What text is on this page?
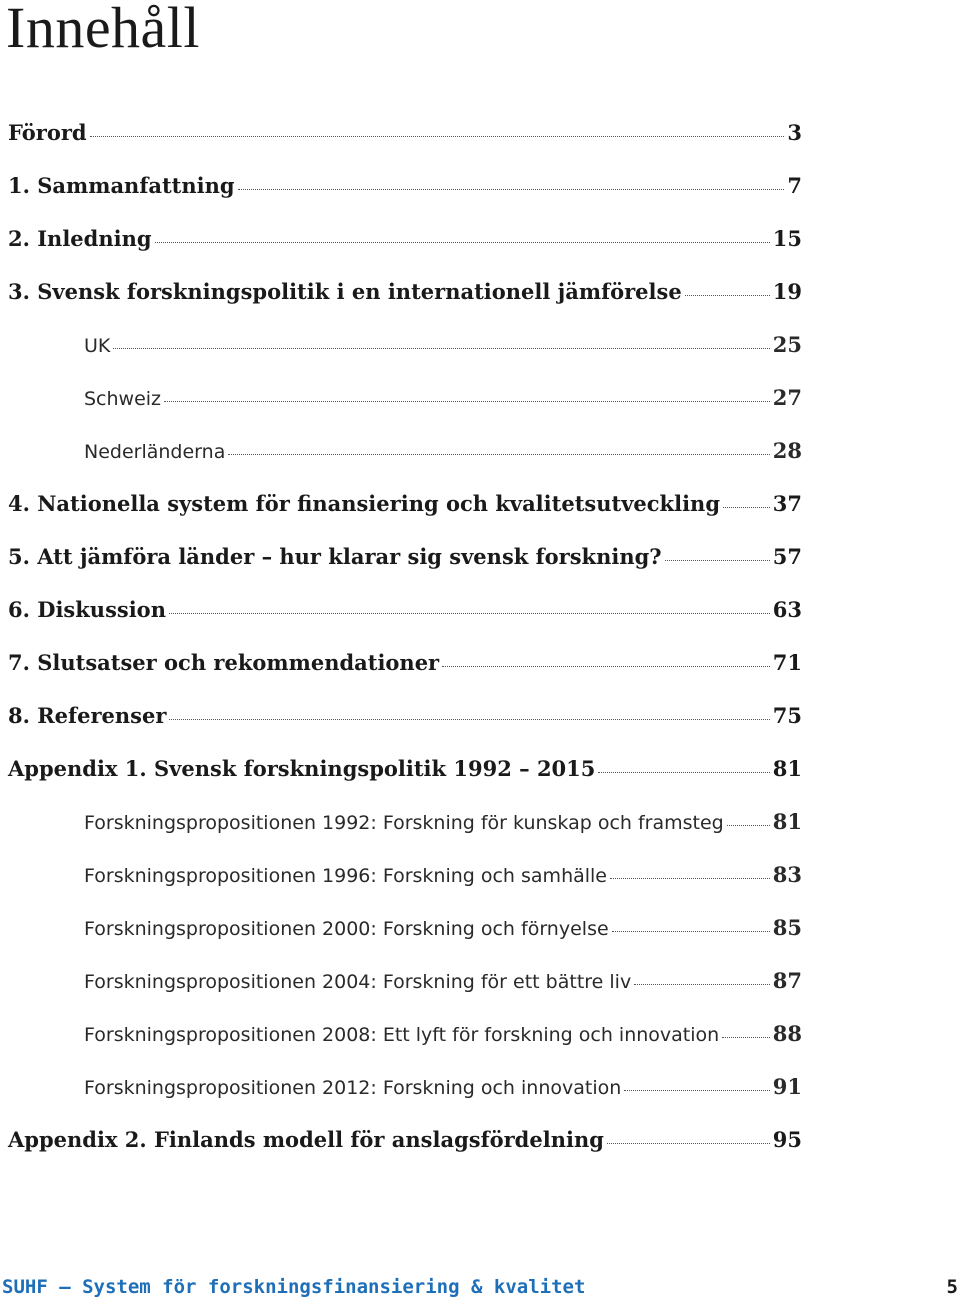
Innehåll
Förord	3
1. Sammanfattning	7
2. Inledning	15
3. Svensk forskningspolitik i en internationell jämförelse	19
UK	25
Schweiz	27
Nederländerna	28
4. Nationella system för finansiering och kvalitetsutveckling	37
5. Att jämföra länder – hur klarar sig svensk forskning?	57
6. Diskussion	63
7. Slutsatser och rekommendationer	71
8. Referenser	75
Appendix 1. Svensk forskningspolitik 1992 – 2015	81
Forskningspropositionen 1992: Forskning för kunskap och framsteg 81
Forskningspropositionen 1996: Forskning och samhälle	83
Forskningspropositionen 2000: Forskning och förnyelse	85
Forskningspropositionen 2004: Forskning för ett bättre liv	87
Forskningspropositionen 2008: Ett lyft för forskning och innovation	88
Forskningspropositionen 2012: Forskning och innovation	91
Appendix 2. Finlands modell för anslagsfördelning	95
SUHF – System för forskningsfinansiering & kvalitet	5
